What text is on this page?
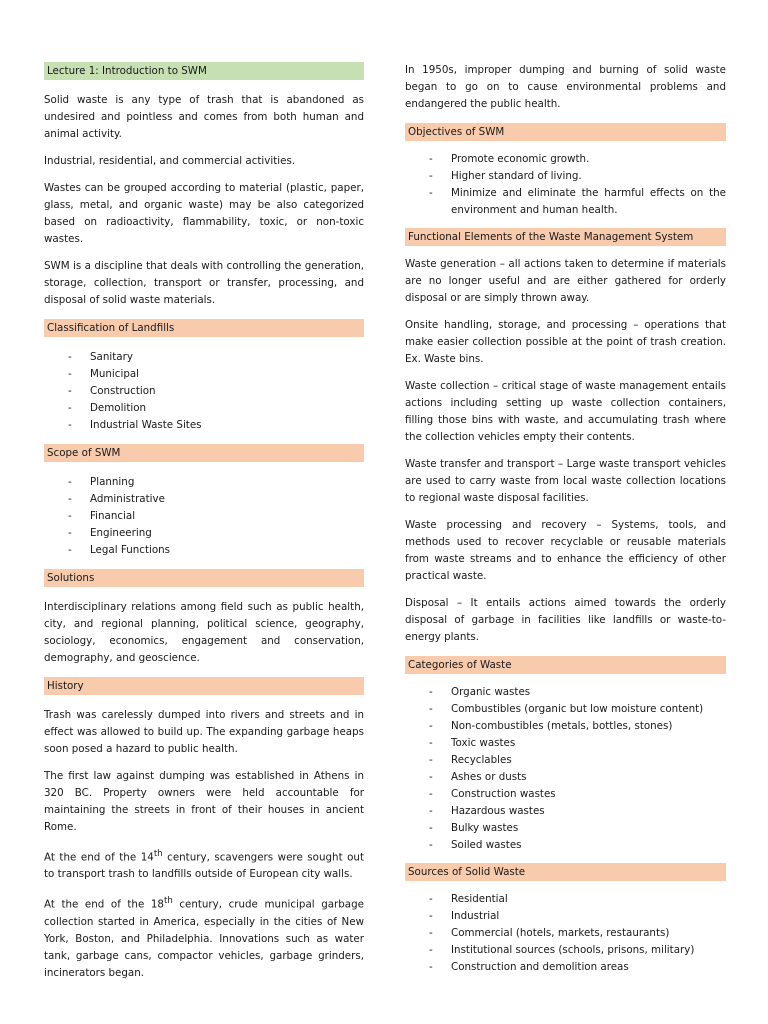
Lecture 1: Introduction to SWM

Solid waste is any type of trash that is abandoned as undesired and pointless and comes from both human and animal activity.

Industrial, residential, and commercial activities.

Wastes can be grouped according to material (plastic, paper, glass, metal, and organic waste) may be also categorized based on radioactivity, flammability, toxic, or non-toxic wastes.

SWM is a discipline that deals with controlling the generation, storage, collection, transport or transfer, processing, and disposal of solid waste materials.

Classification of Landfills
- Sanitary
- Municipal
- Construction
- Demolition
- Industrial Waste Sites
Scope of SWM
- Planning
- Administrative
- Financial
- Engineering
- Legal Functions
Solutions

Interdisciplinary relations among field such as public health, city, and regional planning, political science, geography, sociology, economics, engagement and conservation, demography, and geoscience.

History

Trash was carelessly dumped into rivers and streets and in effect was allowed to build up. The expanding garbage heaps soon posed a hazard to public health.

The first law against dumping was established in Athens in 320 BC. Property owners were held accountable for maintaining the streets in front of their houses in ancient Rome.

At the end of the 14th century, scavengers were sought out to transport trash to landfills outside of European city walls.

At the end of the 18th century, crude municipal garbage collection started in America, especially in the cities of New York, Boston, and Philadelphia. Innovations such as water tank, garbage cans, compactor vehicles, garbage grinders, incinerators began.

In 1950s, improper dumping and burning of solid waste began to go on to cause environmental problems and endangered the public health.

Objectives of SWM
- Promote economic growth.
- Higher standard of living.
- Minimize and eliminate the harmful effects on the environment and human health.
Functional Elements of the Waste Management System

Waste generation – all actions taken to determine if materials are no longer useful and are either gathered for orderly disposal or are simply thrown away.

Onsite handling, storage, and processing – operations that make easier collection possible at the point of trash creation. Ex. Waste bins.

Waste collection – critical stage of waste management entails actions including setting up waste collection containers, filling those bins with waste, and accumulating trash where the collection vehicles empty their contents.

Waste transfer and transport – Large waste transport vehicles are used to carry waste from local waste collection locations to regional waste disposal facilities.

Waste processing and recovery – Systems, tools, and methods used to recover recyclable or reusable materials from waste streams and to enhance the efficiency of other practical waste.

Disposal – It entails actions aimed towards the orderly disposal of garbage in facilities like landfills or waste-to-energy plants.

Categories of Waste
- Organic wastes
- Combustibles (organic but low moisture content)
- Non-combustibles (metals, bottles, stones)
- Toxic wastes
- Recyclables
- Ashes or dusts
- Construction wastes
- Hazardous wastes
- Bulky wastes
- Soiled wastes
Sources of Solid Waste
- Residential
- Industrial
- Commercial (hotels, markets, restaurants)
- Institutional sources (schools, prisons, military)
- Construction and demolition areas
